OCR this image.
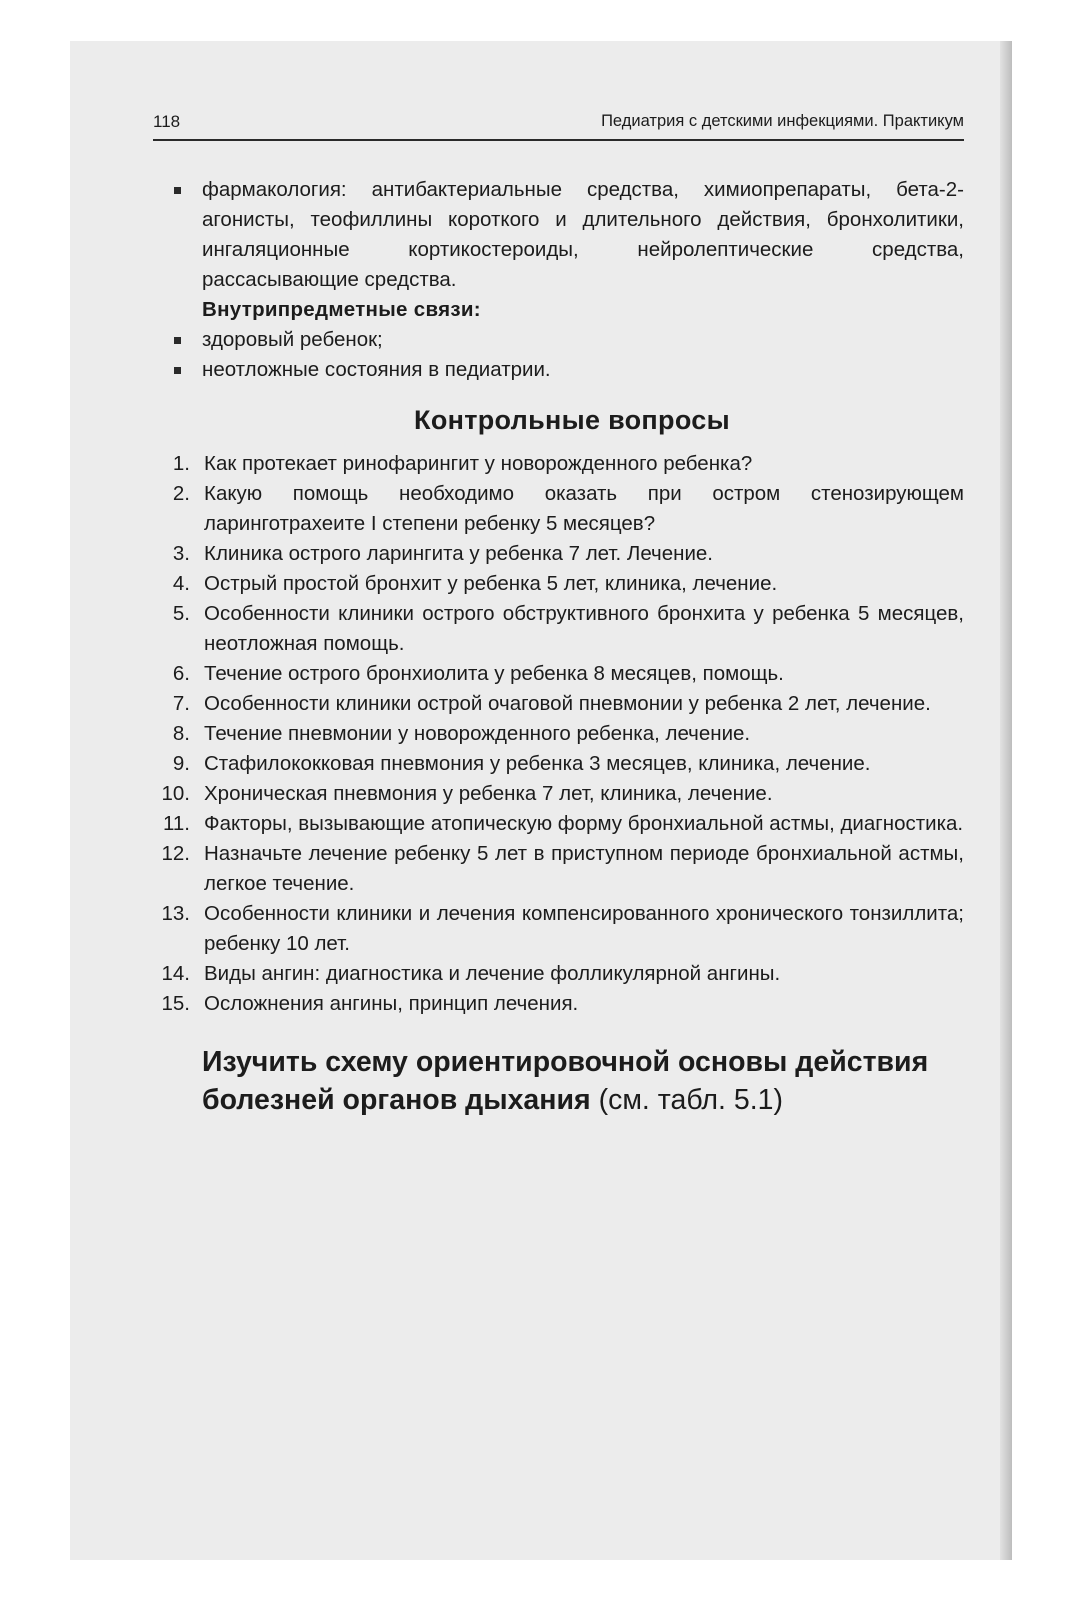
118	Педиатрия с детскими инфекциями. Практикум
фармакология: антибактериальные средства, химиопрепараты, бета-2-агонисты, теофиллины короткого и длительного действия, бронхолитики, ингаляционные кортикостероиды, нейролептические средства, рассасывающие средства.
Внутрипредметные связи:
здоровый ребенок;
неотложные состояния в педиатрии.
Контрольные вопросы
1. Как протекает ринофарингит у новорожденного ребенка?
2. Какую помощь необходимо оказать при остром стенозирующем ларинготрахеите I степени ребенку 5 месяцев?
3. Клиника острого ларингита у ребенка 7 лет. Лечение.
4. Острый простой бронхит у ребенка 5 лет, клиника, лечение.
5. Особенности клиники острого обструктивного бронхита у ребенка 5 месяцев, неотложная помощь.
6. Течение острого бронхиолита у ребенка 8 месяцев, помощь.
7. Особенности клиники острой очаговой пневмонии у ребенка 2 лет, лечение.
8. Течение пневмонии у новорожденного ребенка, лечение.
9. Стафилококковая пневмония у ребенка 3 месяцев, клиника, лечение.
10. Хроническая пневмония у ребенка 7 лет, клиника, лечение.
11. Факторы, вызывающие атопическую форму бронхиальной астмы, диагностика.
12. Назначьте лечение ребенку 5 лет в приступном периоде бронхиальной астмы, легкое течение.
13. Особенности клиники и лечения компенсированного хронического тонзиллита; ребенку 10 лет.
14. Виды ангин: диагностика и лечение фолликулярной ангины.
15. Осложнения ангины, принцип лечения.
Изучить схему ориентировочной основы действия болезней органов дыхания (см. табл. 5.1)
